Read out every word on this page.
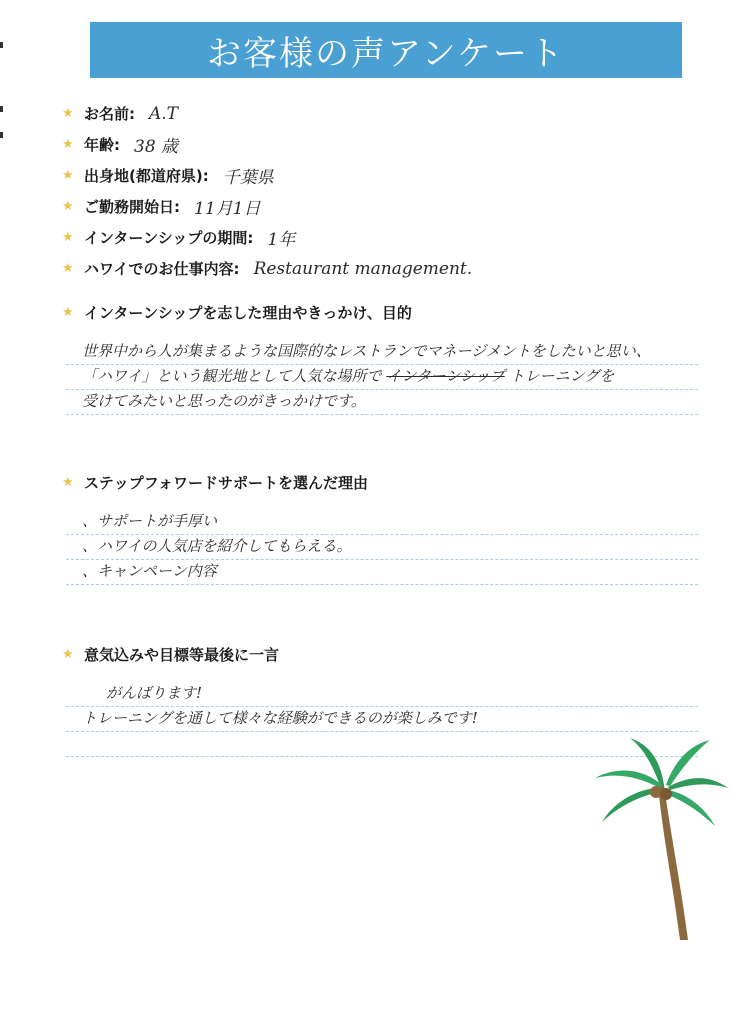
お客様の声アンケート
★ お名前: A.T
★ 年齢: 38 歳
★ 出身地(都道府県): 千葉県
★ ご勤務開始日: 11月1日
★ インターンシップの期間: 1年
★ ハワイでのお仕事内容: Restaurant management.
★ インターンシップを志した理由やきっかけ、目的
世界中から人が集まるような国際的なレストランでマネージメントをしたいと思い、
「ハワイ」という観光地として人気な場所で インターンシップ トレーニングを
受けてみたいと思ったのがきっかけです。
★ ステップフォワードサポートを選んだ理由
、サポートが手厚い
、ハワイの人気店を紹介してもらえる。
、キャンペーン内容
★ 意気込みや目標等最後に一言
がんばります!
トレーニングを通して様々な経験ができるのが楽しみです!
